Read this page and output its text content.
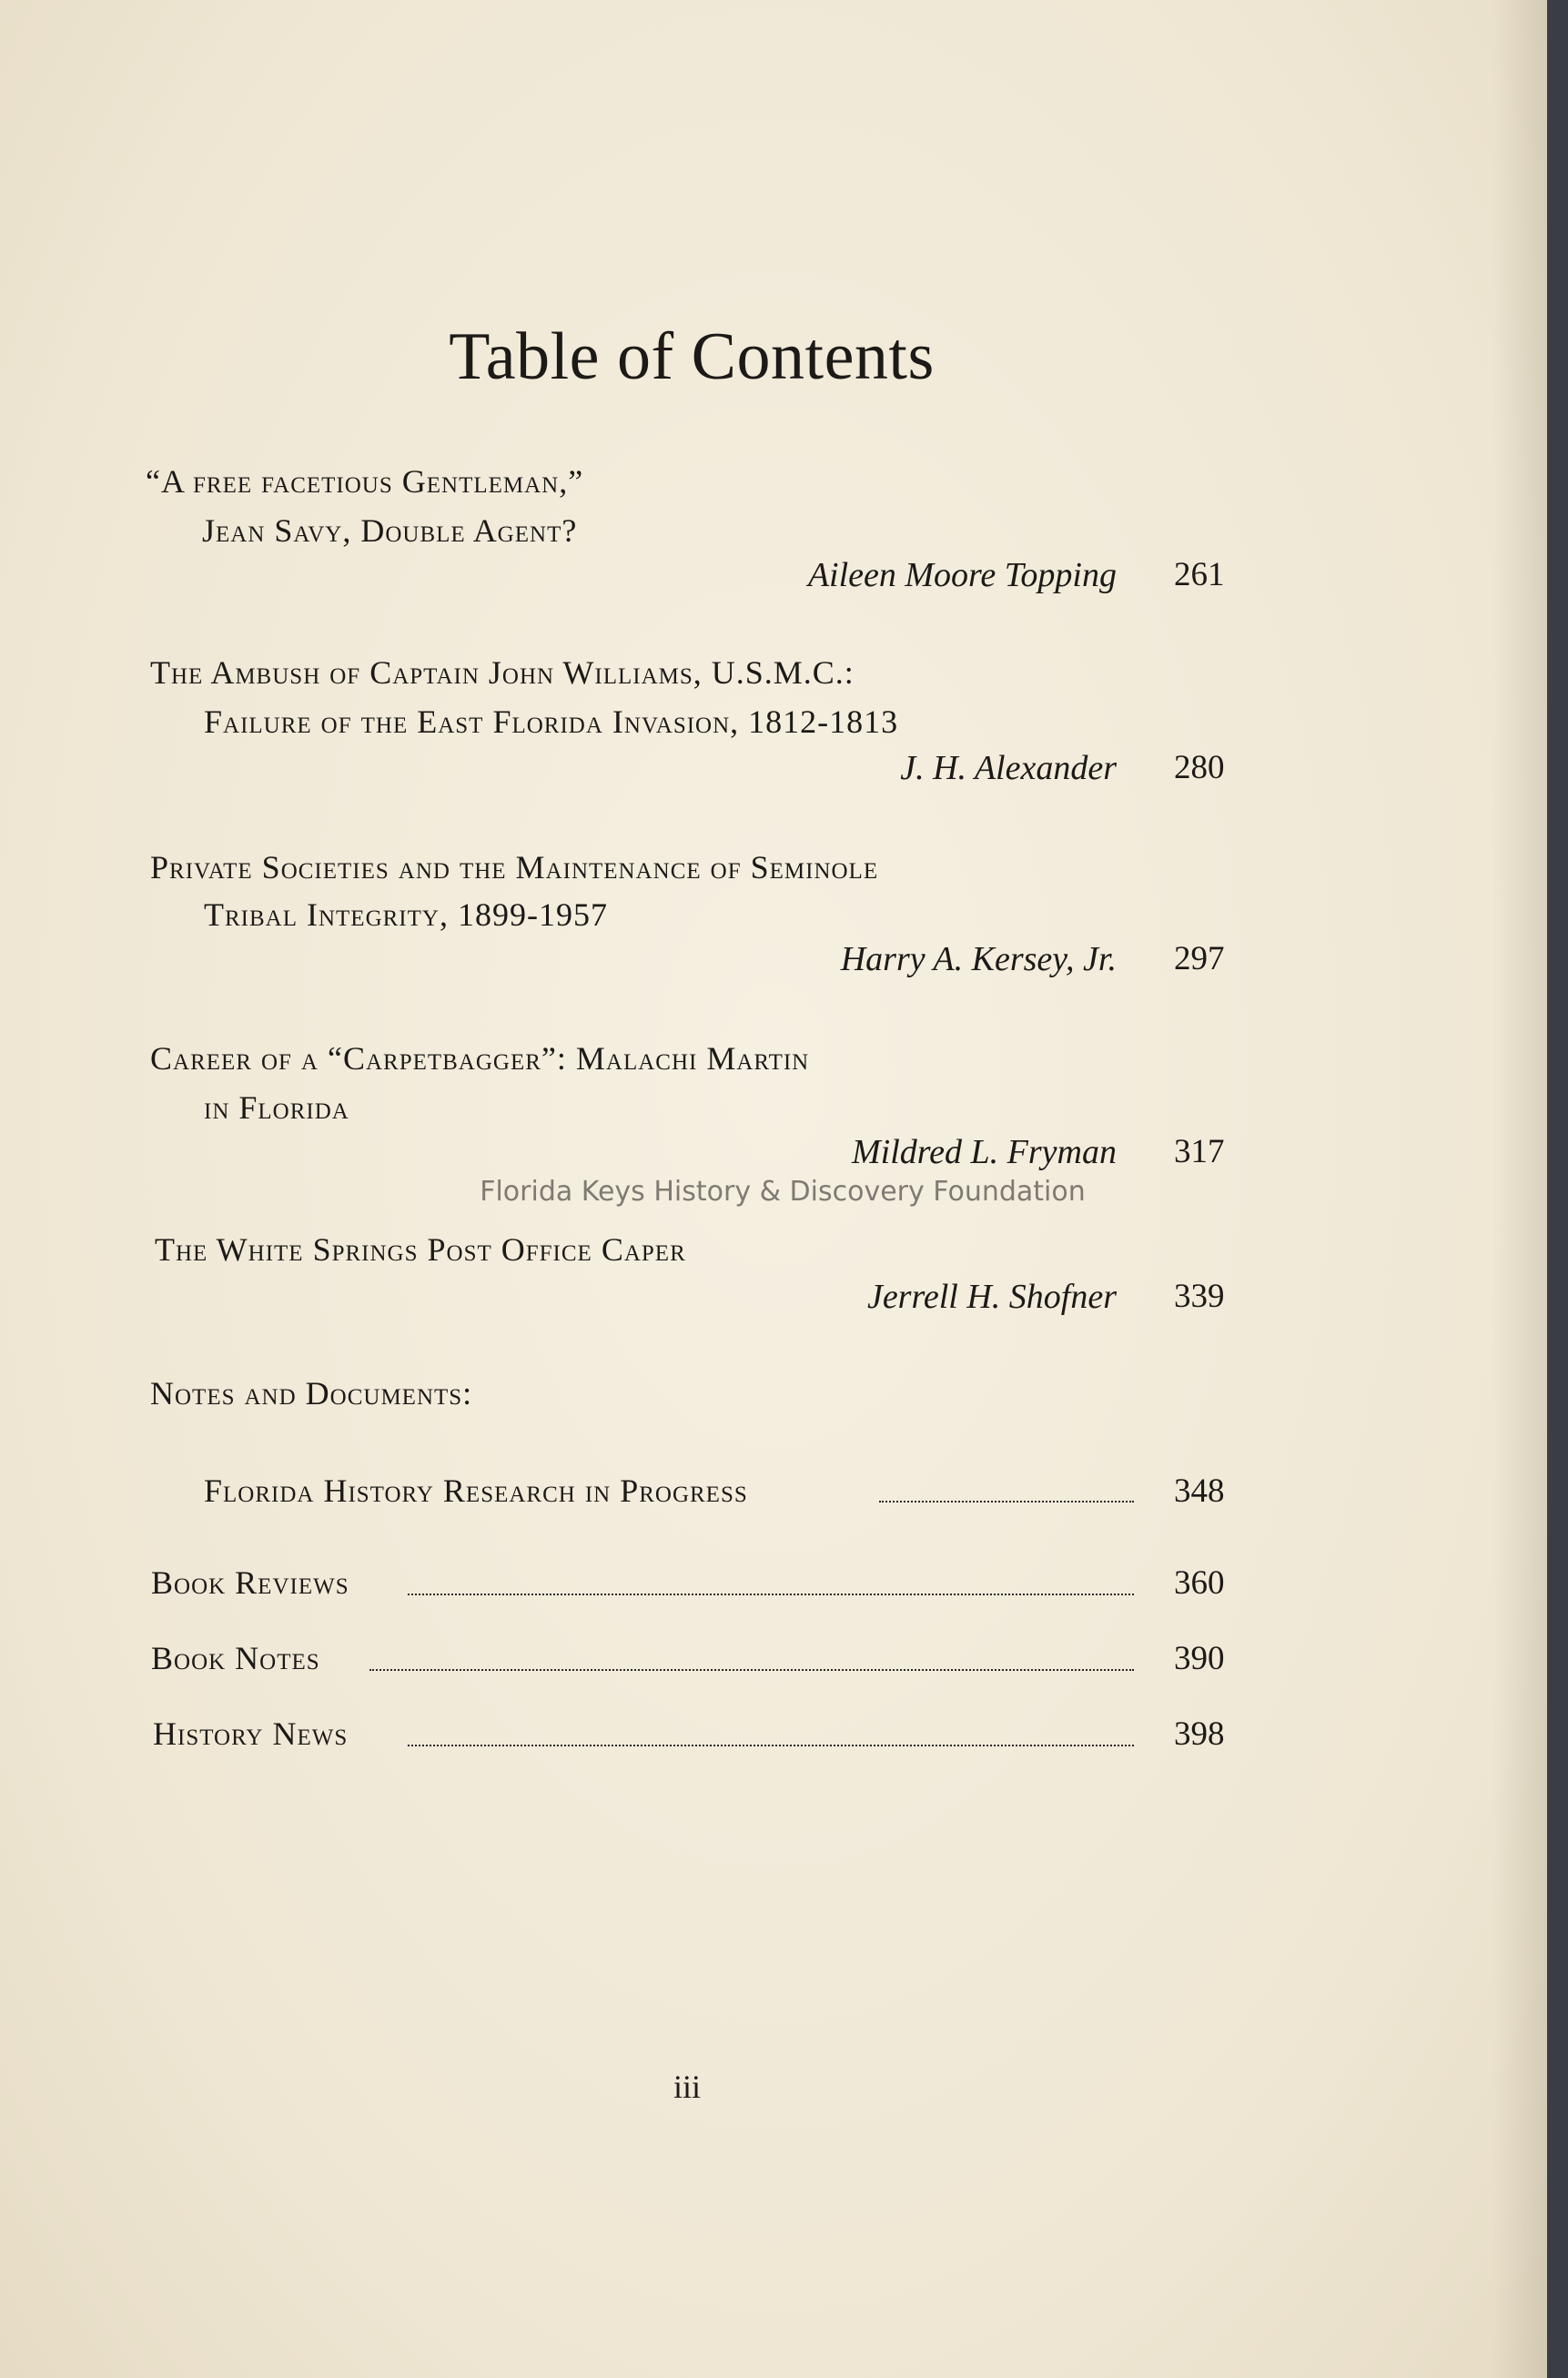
Table of Contents
“A free facetious Gentleman,”
Jean Savy, Double Agent?
Aileen Moore Topping 261
The Ambush of Captain John Williams, U.S.M.C.:
Failure of the East Florida Invasion, 1812-1813
J. H. Alexander 280
Private Societies and the Maintenance of Seminole
Tribal Integrity, 1899-1957
Harry A. Kersey, Jr. 297
Career of a “Carpetbagger”: Malachi Martin
in Florida
Mildred L. Fryman 317
Florida Keys History & Discovery Foundation
The White Springs Post Office Caper
Jerrell H. Shofner 339
Notes and Documents:
Florida History Research in Progress	348
Book Reviews	360
Book Notes	390
History News	398
iii
